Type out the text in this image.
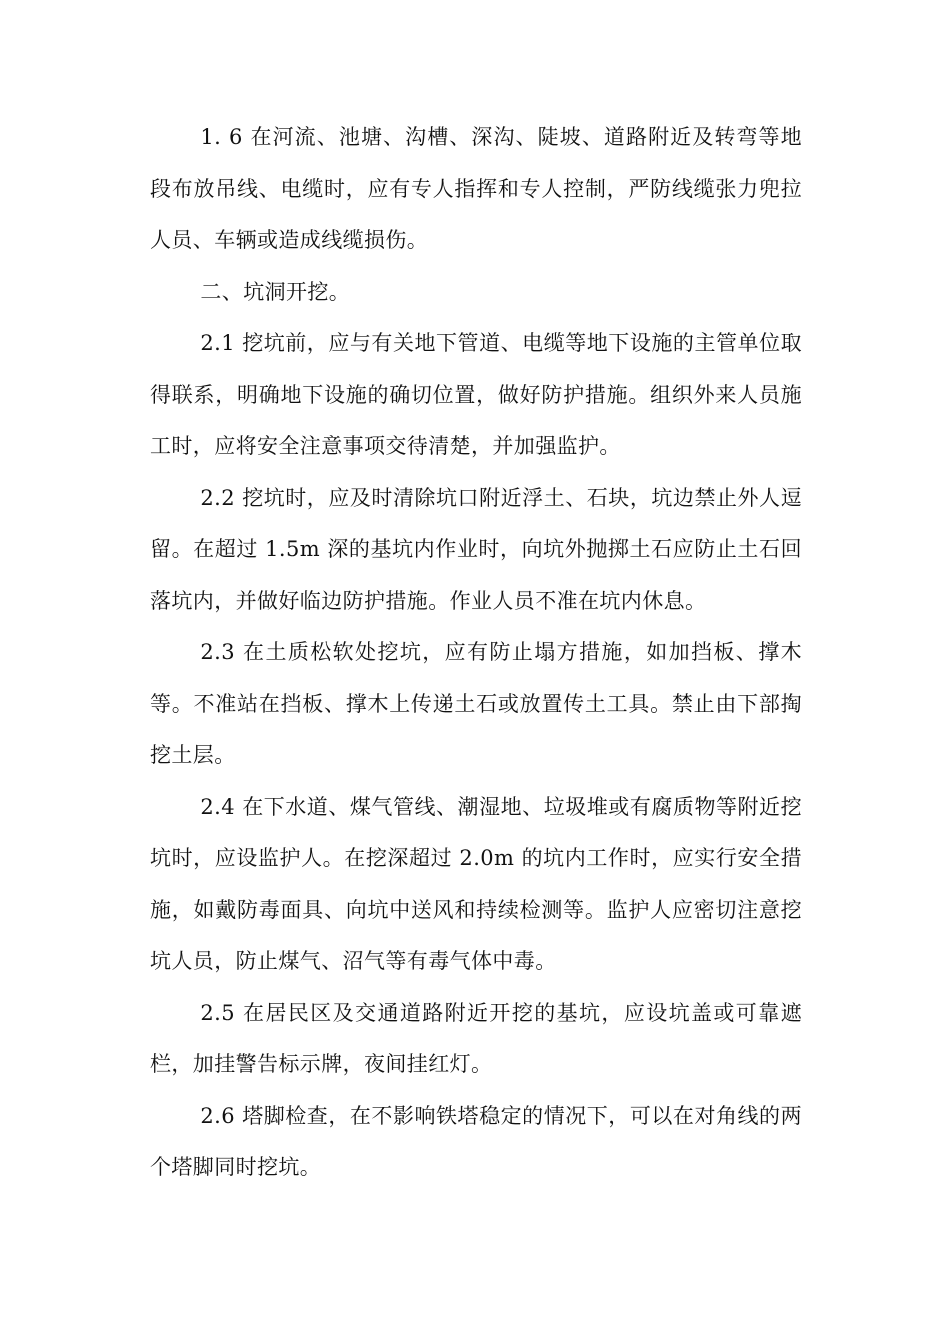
1. 6 在河流、池塘、沟槽、深沟、陡坡、道路附近及转弯等地段布放吊线、电缆时，应有专人指挥和专人控制，严防线缆张力兜拉人员、车辆或造成线缆损伤。

二、坑洞开挖。

2.1 挖坑前，应与有关地下管道、电缆等地下设施的主管单位取得联系，明确地下设施的确切位置，做好防护措施。组织外来人员施工时，应将安全注意事项交待清楚，并加强监护。

2.2 挖坑时，应及时清除坑口附近浮土、石块，坑边禁止外人逗留。在超过 1.5m 深的基坑内作业时，向坑外抛掷土石应防止土石回落坑内，并做好临边防护措施。作业人员不准在坑内休息。

2.3 在土质松软处挖坑，应有防止塌方措施，如加挡板、撑木等。不准站在挡板、撑木上传递土石或放置传土工具。禁止由下部掏挖土层。

2.4 在下水道、煤气管线、潮湿地、垃圾堆或有腐质物等附近挖坑时，应设监护人。在挖深超过 2.0m 的坑内工作时，应实行安全措施，如戴防毒面具、向坑中送风和持续检测等。监护人应密切注意挖坑人员，防止煤气、沼气等有毒气体中毒。

2.5 在居民区及交通道路附近开挖的基坑，应设坑盖或可靠遮栏，加挂警告标示牌，夜间挂红灯。

2.6 塔脚检查，在不影响铁塔稳定的情况下，可以在对角线的两个塔脚同时挖坑。
